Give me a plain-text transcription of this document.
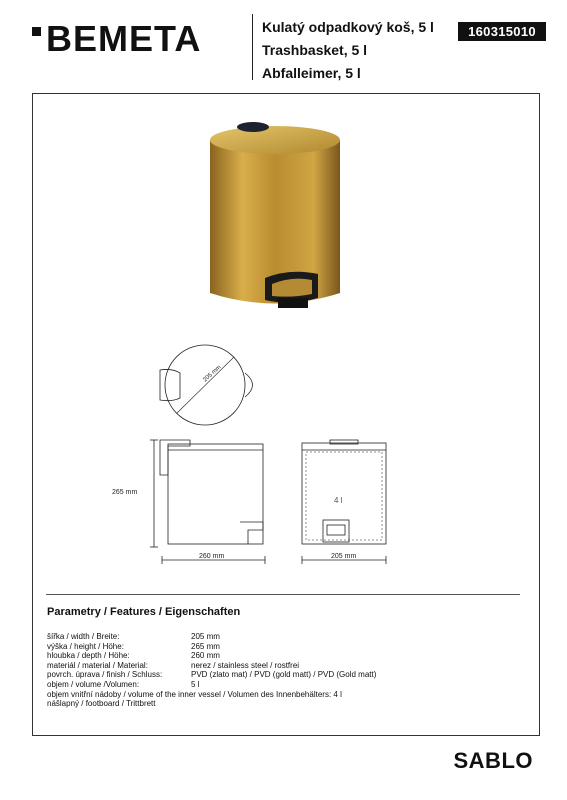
BEMETA	Kulatý odpadkový koš, 5 l
Trashbasket, 5 l
Abfalleimer, 5 l
160315010
205 mm
265 mm
260 mm
4 l
205 mm
Parametry / Features / Eigenschaften
šířka / width / Breite:	205 mm
výška / height / Höhe:	265 mm
hloubka / depth / Höhe:	260 mm
materiál / material / Material:	nerez / stainless steel / rostfrei
povrch. úprava / finish / Schluss:	PVD (zlato mat) / PVD (gold matt) / PVD (Gold matt)
objem / volume /Volumen:	5 l
objem vnitřní nádoby / volume of the inner vessel / Volumen des Innenbehälters: 4 l
nášlapný / footboard / Trittbrett
SABLO
